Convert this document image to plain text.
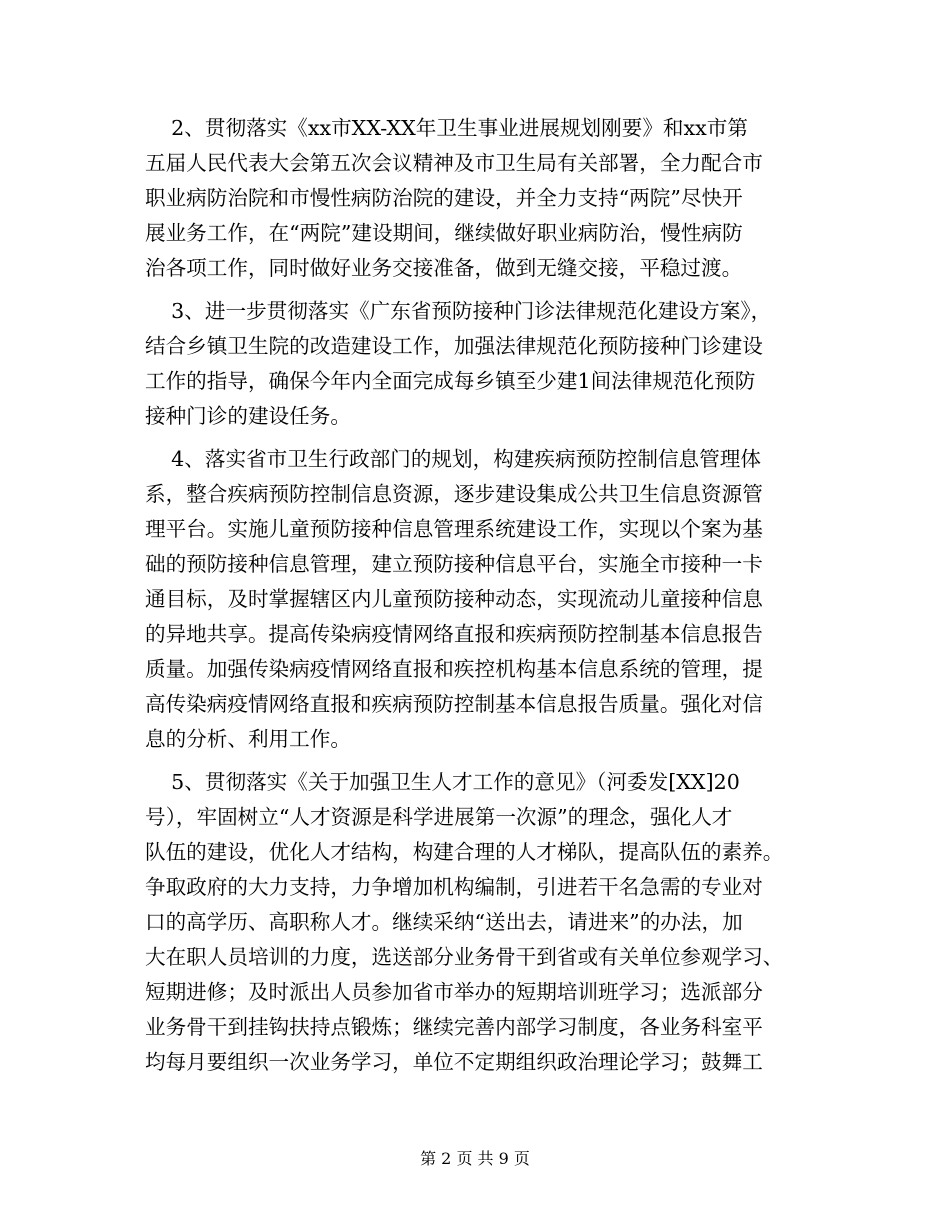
2、贯彻落实《xx市XX-XX年卫生事业进展规划刚要》和xx市第
五届人民代表大会第五次会议精神及市卫生局有关部署，全力配合市
职业病防治院和市慢性病防治院的建设，并全力支持“两院”尽快开
展业务工作，在“两院”建设期间，继续做好职业病防治，慢性病防
治各项工作，同时做好业务交接准备，做到无缝交接，平稳过渡。
3、进一步贯彻落实《广东省预防接种门诊法律规范化建设方案》，
结合乡镇卫生院的改造建设工作，加强法律规范化预防接种门诊建设
工作的指导，确保今年内全面完成每乡镇至少建1间法律规范化预防
接种门诊的建设任务。
4、落实省市卫生行政部门的规划，构建疾病预防控制信息管理体
系，整合疾病预防控制信息资源，逐步建设集成公共卫生信息资源管
理平台。实施儿童预防接种信息管理系统建设工作，实现以个案为基
础的预防接种信息管理，建立预防接种信息平台，实施全市接种一卡
通目标，及时掌握辖区内儿童预防接种动态，实现流动儿童接种信息
的异地共享。提高传染病疫情网络直报和疾病预防控制基本信息报告
质量。加强传染病疫情网络直报和疾控机构基本信息系统的管理，提
高传染病疫情网络直报和疾病预防控制基本信息报告质量。强化对信
息的分析、利用工作。
5、贯彻落实《关于加强卫生人才工作的意见》（河委发[XX]20
号），牢固树立“人才资源是科学进展第一次源”的理念，强化人才
队伍的建设，优化人才结构，构建合理的人才梯队，提高队伍的素养。
争取政府的大力支持，力争增加机构编制，引进若干名急需的专业对
口的高学历、高职称人才。继续采纳“送出去，请进来”的办法，加
大在职人员培训的力度，选送部分业务骨干到省或有关单位参观学习、
短期进修；及时派出人员参加省市举办的短期培训班学习；选派部分
业务骨干到挂钩扶持点锻炼；继续完善内部学习制度，各业务科室平
均每月要组织一次业务学习，单位不定期组织政治理论学习；鼓舞工
第 2 页 共 9 页
